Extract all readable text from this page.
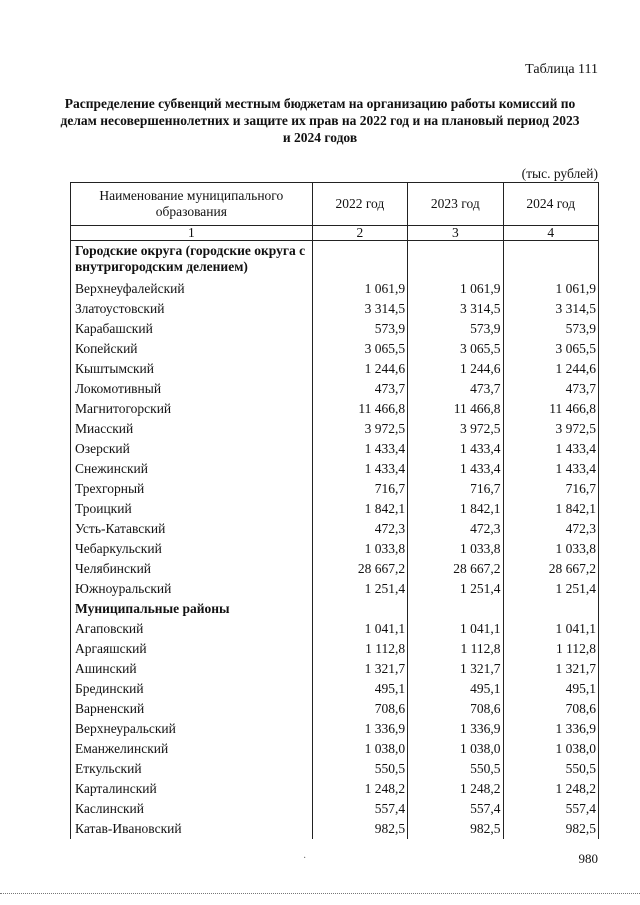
Таблица 111
Распределение субвенций местным бюджетам на организацию работы комиссий по делам несовершеннолетних и защите их прав на 2022 год и на плановый период 2023 и 2024 годов
(тыс. рублей)
Наименование муниципального образования	2022 год	2023 год	2024 год
1	2	3	4
Городские округа (городские округа с внутригородским делением)			
Верхнеуфалейский	1 061,9	1 061,9	1 061,9
Златоустовский	3 314,5	3 314,5	3 314,5
Карабашский	573,9	573,9	573,9
Копейский	3 065,5	3 065,5	3 065,5
Кыштымский	1 244,6	1 244,6	1 244,6
Локомотивный	473,7	473,7	473,7
Магнитогорский	11 466,8	11 466,8	11 466,8
Миасский	3 972,5	3 972,5	3 972,5
Озерский	1 433,4	1 433,4	1 433,4
Снежинский	1 433,4	1 433,4	1 433,4
Трехгорный	716,7	716,7	716,7
Троицкий	1 842,1	1 842,1	1 842,1
Усть-Катавский	472,3	472,3	472,3
Чебаркульский	1 033,8	1 033,8	1 033,8
Челябинский	28 667,2	28 667,2	28 667,2
Южноуральский	1 251,4	1 251,4	1 251,4
Муниципальные районы			
Агаповский	1 041,1	1 041,1	1 041,1
Аргаяшский	1 112,8	1 112,8	1 112,8
Ашинский	1 321,7	1 321,7	1 321,7
Брединский	495,1	495,1	495,1
Варненский	708,6	708,6	708,6
Верхнеуральский	1 336,9	1 336,9	1 336,9
Еманжелинский	1 038,0	1 038,0	1 038,0
Еткульский	550,5	550,5	550,5
Карталинский	1 248,2	1 248,2	1 248,2
Каслинский	557,4	557,4	557,4
Катав-Ивановский	982,5	982,5	982,5
·	980
